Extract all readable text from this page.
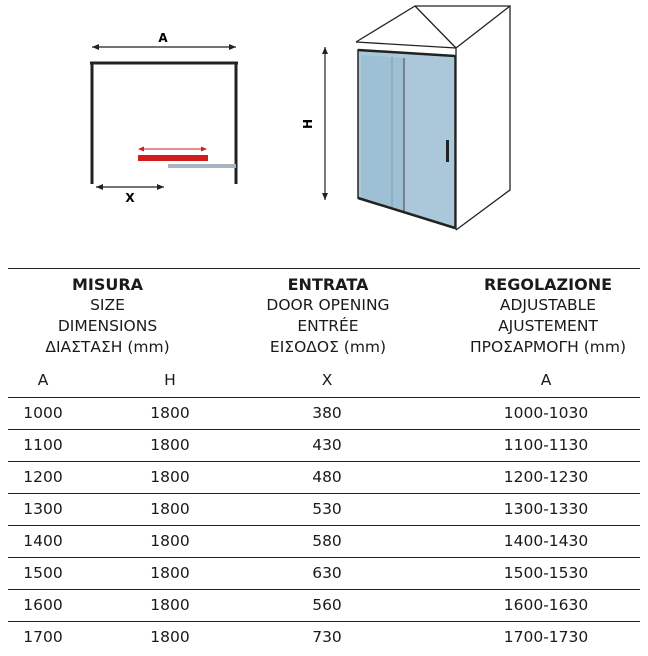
A
X
H
MISURA
SIZE
DIMENSIONS
ΔΙΑΣΤΑΣΗ (mm)
ENTRATA
DOOR OPENING
ENTRÉE
ΕΙΣΟΔΟΣ (mm)
REGOLAZIONE
ADJUSTABLE
AJUSTEMENT
ΠΡΟΣΑΡΜΟΓΗ (mm)
A	H	X	A
1000	1800	380	1000-1030
1100	1800	430	1100-1130
1200	1800	480	1200-1230
1300	1800	530	1300-1330
1400	1800	580	1400-1430
1500	1800	630	1500-1530
1600	1800	560	1600-1630
1700	1800	730	1700-1730
